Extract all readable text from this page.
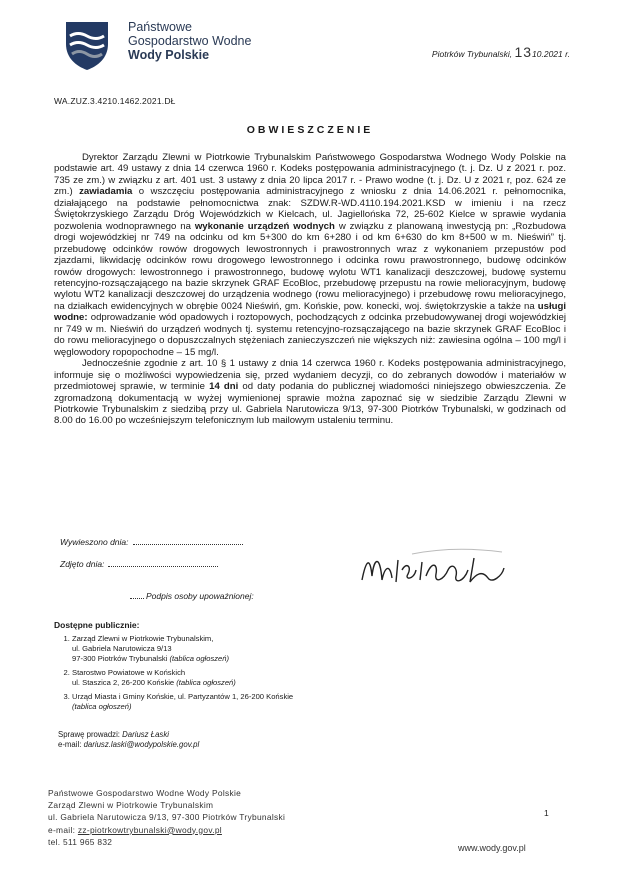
Państwowe
Gospodarstwo Wodne
Wody Polskie	Piotrków Trybunalski, 1310.2021 r.
WA.ZUZ.3.4210.1462.2021.DŁ
OBWIESZCZENIE

Dyrektor Zarządu Zlewni w Piotrkowie Trybunalskim Państwowego Gospodarstwa Wodnego Wody Polskie na podstawie art. 49 ustawy z dnia 14 czerwca 1960 r. Kodeks postępowania administracyjnego (t. j. Dz. U z 2021 r. poz. 735 ze zm.) w związku z art. 401 ust. 3 ustawy z dnia 20 lipca 2017 r. - Prawo wodne (t. j. Dz. U z 2021 r, poz. 624 ze zm.) zawiadamia o wszczęciu postępowania administracyjnego z wniosku z dnia 14.06.2021 r. pełnomocnika, działającego na podstawie pełnomocnictwa znak: SZDW.R-WD.4110.194.2021.KSD w imieniu i na rzecz Świętokrzyskiego Zarządu Dróg Wojewódzkich w Kielcach, ul. Jagiellońska 72, 25-602 Kielce w sprawie wydania pozwolenia wodnoprawnego na wykonanie urządzeń wodnych w związku z planowaną inwestycją pn: „Rozbudowa drogi wojewódzkiej nr 749 na odcinku od km 5+300 do km 6+280 i od km 6+630 do km 8+500 w m. Nieświń” tj. przebudowę odcinków rowów drogowych lewostronnych i prawostronnych wraz z wykonaniem przepustów pod zjazdami, likwidację odcinków rowu drogowego lewostronnego i odcinka rowu prawostronnego, budowę odcinków rowów drogowych: lewostronnego i prawostronnego, budowę wylotu WT1 kanalizacji deszczowej, budowę systemu retencyjno-rozsączającego na bazie skrzynek GRAF EcoBloc, przebudowę przepustu na rowie melioracyjnym, budowę wylotu WT2 kanalizacji deszczowej do urządzenia wodnego (rowu melioracyjnego) i przebudowę rowu melioracyjnego, na działkach ewidencyjnych w obrębie 0024 Nieświń, gm. Końskie, pow. konecki, woj. świętokrzyskie a także na usługi wodne: odprowadzanie wód opadowych i roztopowych, pochodzących z odcinka przebudowywanej drogi wojewódzkiej nr 749 w m. Nieświń do urządzeń wodnych tj. systemu retencyjno-rozsączającego na bazie skrzynek GRAF EcoBloc i do rowu melioracyjnego o dopuszczalnych stężeniach zanieczyszczeń nie większych niż: zawiesina ogólna – 100 mg/l i węglowodory ropopochodne – 15 mg/l.

Jednocześnie zgodnie z art. 10 § 1 ustawy z dnia 14 czerwca 1960 r. Kodeks postępowania administracyjnego, informuje się o możliwości wypowiedzenia się, przed wydaniem decyzji, co do zebranych dowodów i materiałów w przedmiotowej sprawie, w terminie 14 dni od daty podania do publicznej wiadomości niniejszego obwieszczenia. Ze zgromadzoną dokumentacją w wyżej wymienionej sprawie można zapoznać się w siedzibie Zarządu Zlewni w Piotrkowie Trybunalskim z siedzibą przy ul. Gabriela Narutowicza 9/13, 97-300 Piotrków Trybunalski, w godzinach od 8.00 do 16.00 po wcześniejszym telefonicznym lub mailowym ustaleniu terminu.

Wywieszono dnia:
Zdjęto dnia:
Podpis osoby upoważnionej:
Dostępne publicznie:
1. Zarząd Zlewni w Piotrkowie Trybunalskim,
ul. Gabriela Narutowicza 9/13
97-300 Piotrków Trybunalski (tablica ogłoszeń)
2. Starostwo Powiatowe w Końskich
ul. Staszica 2, 26-200 Końskie (tablica ogłoszeń)
3. Urząd Miasta i Gminy Końskie, ul. Partyzantów 1, 26-200 Końskie
(tablica ogłoszeń)
Sprawę prowadzi: Dariusz Łaski
e-mail: dariusz.laski@wodypolskie.gov.pl
Państwowe Gospodarstwo Wodne Wody Polskie
Zarząd Zlewni w Piotrkowie Trybunalskim
ul. Gabriela Narutowicza 9/13, 97-300 Piotrków Trybunalski
e-mail: zz-piotrkowtrybunalski@wody.gov.pl
tel. 511 965 832
1
www.wody.gov.pl
